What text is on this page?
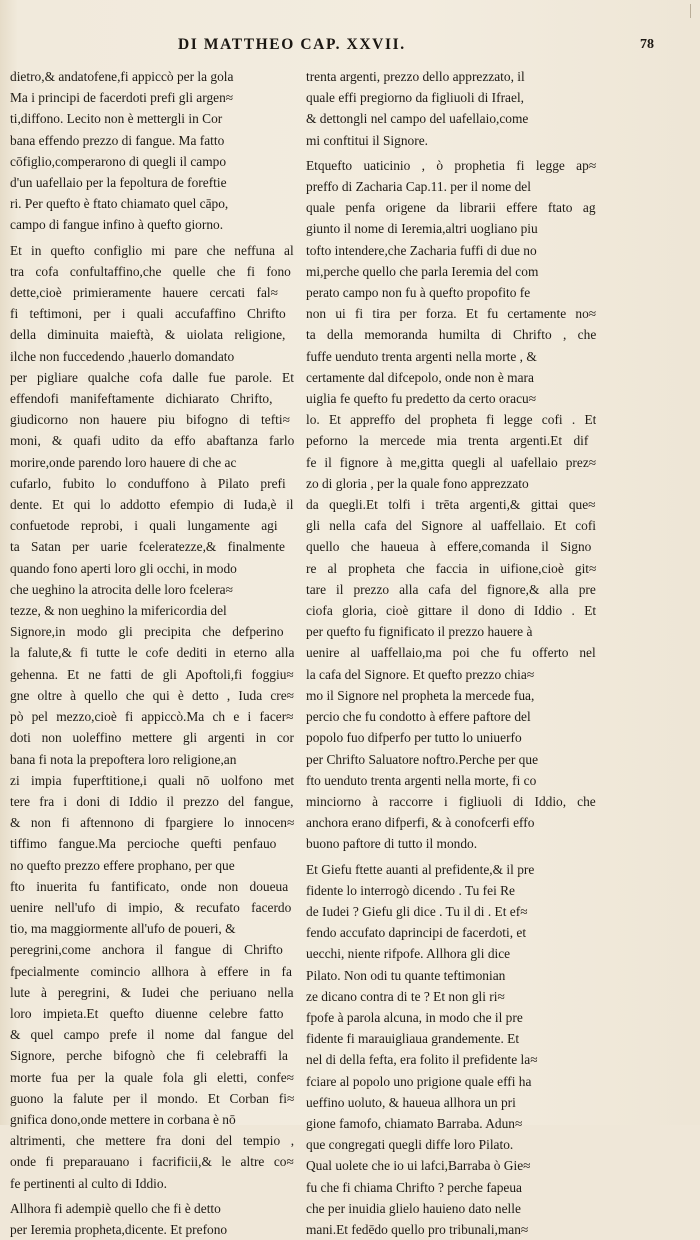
DI MATTHEO CAP. XXVII.	78
dietro,& andatofene,fi appiccò per la gola
Ma i principi de facerdoti prefi gli argen≈
ti,diffono. Lecito non è mettergli in Cor
bana effendo prezzo di fangue. Ma fatto
cōfiglio,comperarono di quegli il campo
d'un uafellaio per la fepoltura de foreftie
ri. Per quefto è ftato chiamato quel cāpo,
campo di fangue infino à quefto giorno.
Et in quefto configlio mi pare che neffuna al
tra cofa confultaffino,che quelle che fi fono
dette,cioè primieramente hauere cercati fal≈
fi teftimoni, per i quali accufaffino Chrifto
della diminuita maieftà, & uiolata religione,
ilche non fuccedendo ,hauerlo domandato
per pigliare qualche cofa dalle fue parole. Et
effendofi manifeftamente dichiarato Chrifto,
giudicorno non hauere piu bifogno di tefti≈
moni, & quafi udito da effo abaftanza farlo
morire,onde parendo loro hauere di che ac
cufarlo, fubito lo conduffono à Pilato prefi
dente. Et qui lo addotto efempio di Iuda,è il
confuetode reprobi, i quali lungamente agi
ta Satan per uarie fceleratezze,& finalmente
quando fono aperti loro gli occhi, in modo
che ueghino la atrocita delle loro fcelera≈
tezze, & non ueghino la mifericordia del
Signore,in modo gli precipita che defperino
la falute,& fi tutte le cofe dediti in eterno alla
gehenna. Et ne fatti de gli Apoftoli,fi foggiu≈
gne oltre à quello che qui è detto , Iuda cre≈
pò pel mezzo,cioè fi appiccò.Ma ch e i facer≈
doti non uoleffino mettere gli argenti in cor
bana fi nota la prepoftera loro religione,an
zi impia fuperftitione,i quali nō uolfono met
tere fra i doni di Iddio il prezzo del fangue,
& non fi aftennono di fpargiere lo innocen≈
tiffimo fangue.Ma percioche quefti penfauo
no quefto prezzo effere prophano, per que
fto inuerita fu fantificato, onde non doueua
uenire nell'ufo di impio, & recufato facerdo
tio, ma maggiormente all'ufo de poueri, &
peregrini,come anchora il fangue di Chrifto
fpecialmente comincio allhora à effere in fa
lute à peregrini, & Iudei che periuano nella
loro impieta.Et quefto diuenne celebre fatto
& quel campo prefe il nome dal fangue del
Signore, perche bifognò che fi celebraffi la
morte fua per la quale fola gli eletti, confe≈
guono la falute per il mondo. Et Corban fi≈
gnifica dono,onde mettere in corbana è nō
altrimenti, che mettere fra doni del tempio ,
onde fi preparauano i facrificii,& le altre co≈
fe pertinenti al culto di Iddio.
Allhora fi adempiè quello che fi è detto
per Ieremia propheta,dicente. Et prefono
trenta argenti, prezzo dello apprezzato, il
quale effi pregiorno da figliuoli di Ifrael,
& dettongli nel campo del uafellaio,come
mi conftitui il Signore.
Etquefto uaticinio , ò prophetia fi legge ap≈
preffo di Zacharia Cap.11. per il nome del
quale penfa origene da librarii effere ftato ag
giunto il nome di Ieremia,altri uogliano piu
tofto intendere,che Zacharia fuffi di due no
mi,perche quello che parla Ieremia del com
perato campo non fu à quefto propofito fe
non ui fi tira per forza. Et fu certamente no≈
ta della memoranda humilta di Chrifto , che
fuffe uenduto trenta argenti nella morte , &
certamente dal difcepolo, onde non è mara
uiglia fe quefto fu predetto da certo oracu≈
lo. Et appreffo del propheta fi legge cofi . Et
peforno la mercede mia trenta argenti.Et dif
fe il fignore à me,gitta quegli al uafellaio prez≈
zo di gloria , per la quale fono apprezzato
da quegli.Et tolfi i trēta argenti,& gittai que≈
gli nella cafa del Signore al uaffellaio. Et cofi
quello che haueua à effere,comanda il Signo
re al propheta che faccia in uifione,cioè git≈
tare il prezzo alla cafa del fignore,& alla pre
ciofa gloria, cioè gittare il dono di Iddio . Et
per quefto fu fignificato il prezzo hauere à
uenire al uaffellaio,ma poi che fu offerto nel
la cafa del Signore. Et quefto prezzo chia≈
mo il Signore nel propheta la mercede fua,
percio che fu condotto à effere paftore del
popolo fuo difperfo per tutto lo uniuerfo
per Chrifto Saluatore noftro.Perche per que
fto uenduto trenta argenti nella morte, fi co
minciorno à raccorre i figliuoli di Iddio, che
anchora erano difperfi, & à conofcerfi effo
buono paftore di tutto il mondo.
Et Giefu ftette auanti al prefidente,& il pre
fidente lo interrogò dicendo . Tu fei Re
de Iudei ? Giefu gli dice . Tu il di . Et ef≈
fendo accufato daprincipi de facerdoti, et
uecchi, niente rifpofe. Allhora gli dice
Pilato. Non odi tu quante teftimonian
ze dicano contra di te ? Et non gli ri≈
fpofe à parola alcuna, in modo che il pre
fidente fi marauigliaua grandemente. Et
nel di della fefta, era folito il prefidente la≈
fciare al popolo uno prigione quale effi ha
ueffino uoluto, & haueua allhora un pri
gione famofo, chiamato Barraba. Adun≈
que congregati quegli diffe loro Pilato.
Qual uolete che io ui lafci,Barraba ò Gie≈
fu che fi chiama Chrifto ? perche fapeua
che per inuidia glielo hauieno dato nelle
mani.Et fedēdo quello pro tribunali,man≈
